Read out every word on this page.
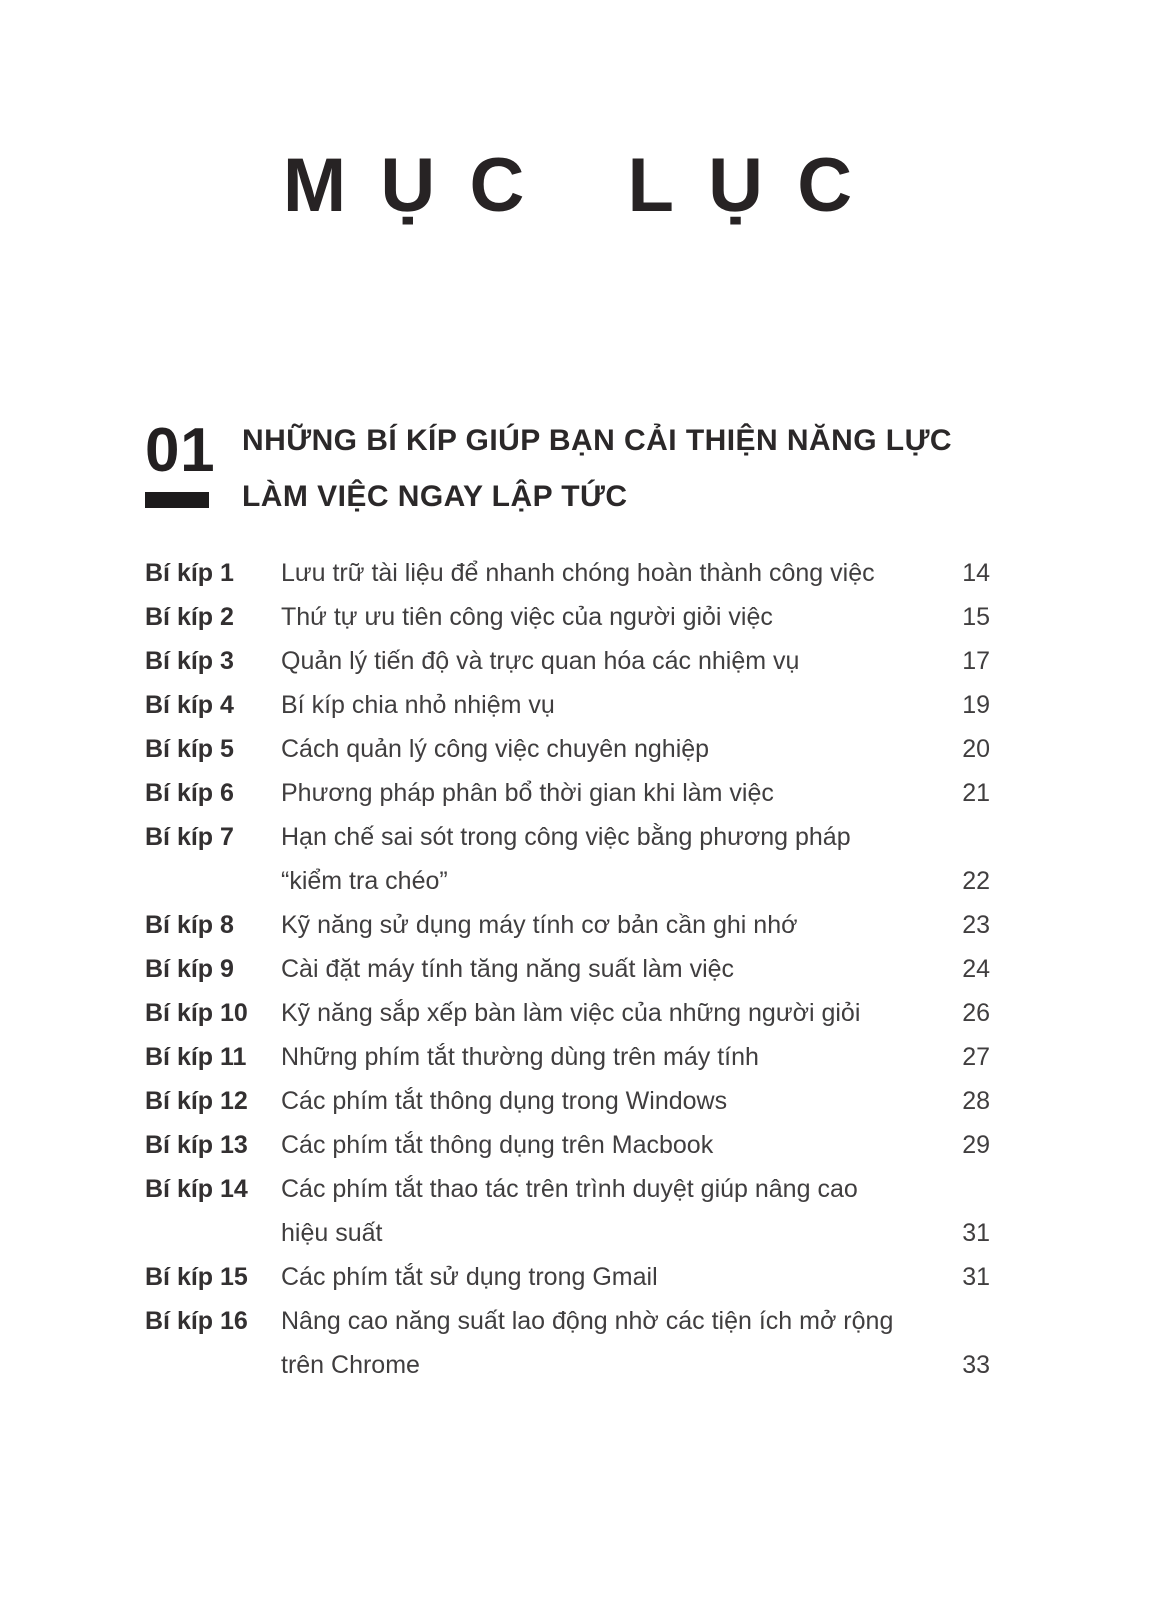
MỤC LỤC
01 NHỮNG BÍ KÍP GIÚP BẠN CẢI THIỆN NĂNG LỰC
LÀM VIỆC NGAY LẬP TỨC
Bí kíp 1	Lưu trữ tài liệu để nhanh chóng hoàn thành công việc	14
Bí kíp 2	Thứ tự ưu tiên công việc của người giỏi việc	15
Bí kíp 3	Quản lý tiến độ và trực quan hóa các nhiệm vụ	17
Bí kíp 4	Bí kíp chia nhỏ nhiệm vụ	19
Bí kíp 5	Cách quản lý công việc chuyên nghiệp	20
Bí kíp 6	Phương pháp phân bổ thời gian khi làm việc	21
Bí kíp 7	Hạn chế sai sót trong công việc bằng phương pháp
“kiểm tra chéo”	22
Bí kíp 8	Kỹ năng sử dụng máy tính cơ bản cần ghi nhớ	23
Bí kíp 9	Cài đặt máy tính tăng năng suất làm việc	24
Bí kíp 10	Kỹ năng sắp xếp bàn làm việc của những người giỏi	26
Bí kíp 11	Những phím tắt thường dùng trên máy tính	27
Bí kíp 12	Các phím tắt thông dụng trong Windows	28
Bí kíp 13	Các phím tắt thông dụng trên Macbook	29
Bí kíp 14	Các phím tắt thao tác trên trình duyệt giúp nâng cao
hiệu suất	31
Bí kíp 15	Các phím tắt sử dụng trong Gmail	31
Bí kíp 16	Nâng cao năng suất lao động nhờ các tiện ích mở rộng
trên Chrome	33
